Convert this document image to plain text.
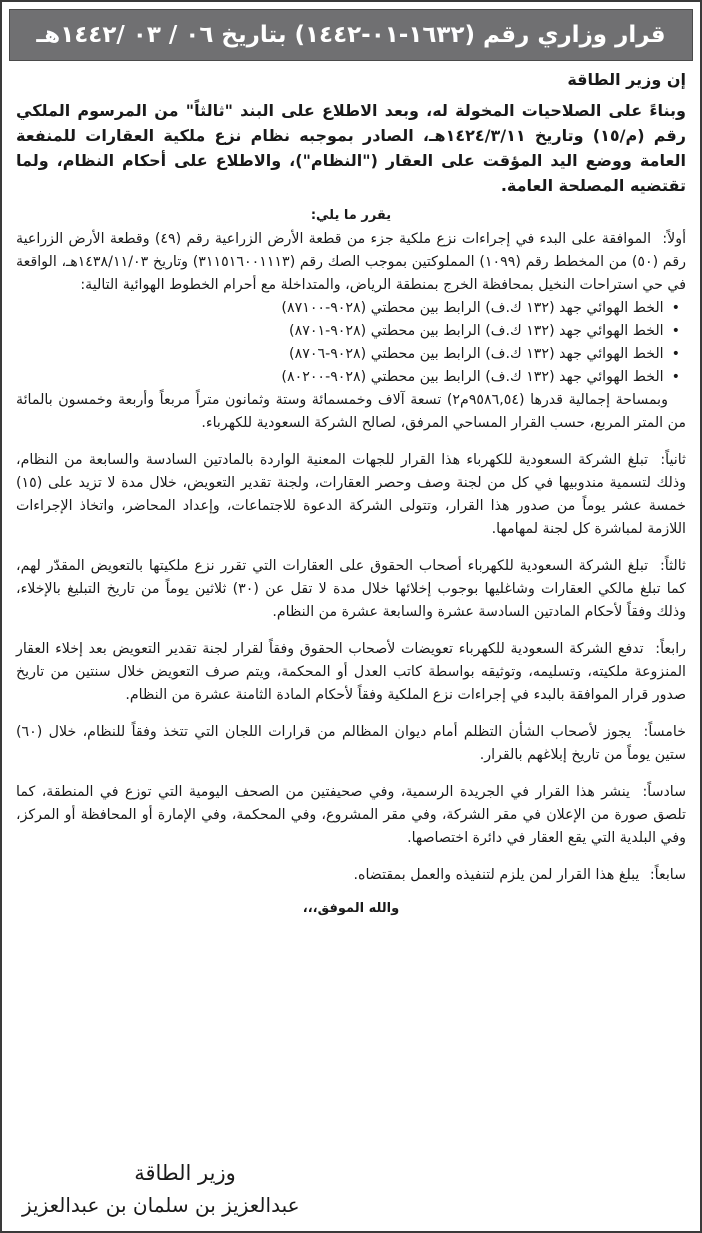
قرار وزاري رقم (١٦٣٢-٠١-١٤٤٢) بتاريخ ٠٦ / ٠٣ /١٤٤٢هـ
إن وزير الطاقة

وبناءً على الصلاحيات المخولة له، وبعد الاطلاع على البند "ثالثاً" من المرسوم الملكي رقم (م/١٥) وتاريخ ١٤٢٤/٣/١١هـ، الصادر بموجبه نظام نزع ملكية العقارات للمنفعة العامة ووضع اليد المؤقت على العقار ("النظام")، والاطلاع على أحكام النظام، ولما تقتضيه المصلحة العامة.

يقرر ما يلي:

أولاً: الموافقة على البدء في إجراءات نزع ملكية جزء من قطعة الأرض الزراعية رقم (٤٩) وقطعة الأرض الزراعية رقم (٥٠) من المخطط رقم (١٠٩٩) المملوكتين بموجب الصك رقم (٣١١٥١٦٠٠١١١٣) وتاريخ ١٤٣٨/١١/٠٣هـ، الواقعة في حي استراحات النخيل بمحافظة الخرج بمنطقة الرياض، والمتداخلة مع أحرام الخطوط الهوائية التالية:

• الخط الهوائي جهد (١٣٢ ك.ف) الرابط بين محطتي (٩٠٢٨-٨٧١٠٠)
• الخط الهوائي جهد (١٣٢ ك.ف) الرابط بين محطتي (٩٠٢٨-٨٧٠١)
• الخط الهوائي جهد (١٣٢ ك.ف) الرابط بين محطتي (٩٠٢٨-٨٧٠٦)
• الخط الهوائي جهد (١٣٢ ك.ف) الرابط بين محطتي (٩٠٢٨-٨٠٢٠٠)

وبمساحة إجمالية قدرها (٩٥٨٦,٥٤م٢) تسعة آلاف وخمسمائة وستة وثمانون متراً مربعاً وأربعة وخمسون بالمائة من المتر المربع، حسب القرار المساحي المرفق، لصالح الشركة السعودية للكهرباء.

ثانياً: تبلغ الشركة السعودية للكهرباء هذا القرار للجهات المعنية الواردة بالمادتين السادسة والسابعة من النظام، وذلك لتسمية مندوبيها في كل من لجنة وصف وحصر العقارات، ولجنة تقدير التعويض، خلال مدة لا تزيد على (١٥) خمسة عشر يوماً من صدور هذا القرار، وتتولى الشركة الدعوة للاجتماعات، وإعداد المحاضر، واتخاذ الإجراءات اللازمة لمباشرة كل لجنة لمهامها.

ثالثاً: تبلغ الشركة السعودية للكهرباء أصحاب الحقوق على العقارات التي تقرر نزع ملكيتها بالتعويض المقدّر لهم، كما تبلغ مالكي العقارات وشاغليها بوجوب إخلائها خلال مدة لا تقل عن (٣٠) ثلاثين يوماً من تاريخ التبليغ بالإخلاء، وذلك وفقاً لأحكام المادتين السادسة عشرة والسابعة عشرة من النظام.

رابعاً: تدفع الشركة السعودية للكهرباء تعويضات لأصحاب الحقوق وفقاً لقرار لجنة تقدير التعويض بعد إخلاء العقار المنزوعة ملكيته، وتسليمه، وتوثيقه بواسطة كاتب العدل أو المحكمة، ويتم صرف التعويض خلال سنتين من تاريخ صدور قرار الموافقة بالبدء في إجراءات نزع الملكية وفقاً لأحكام المادة الثامنة عشرة من النظام.

خامساً: يجوز لأصحاب الشأن التظلم أمام ديوان المظالم من قرارات اللجان التي تتخذ وفقاً للنظام، خلال (٦٠) ستين يوماً من تاريخ إبلاغهم بالقرار.

سادساً: ينشر هذا القرار في الجريدة الرسمية، وفي صحيفتين من الصحف اليومية التي توزع في المنطقة، كما تلصق صورة من الإعلان في مقر الشركة، وفي مقر المشروع، وفي المحكمة، وفي الإمارة أو المحافظة أو المركز، وفي البلدية التي يقع العقار في دائرة اختصاصها.

سابعاً: يبلغ هذا القرار لمن يلزم لتنفيذه والعمل بمقتضاه.

والله الموفق،،،
وزير الطاقة
عبدالعزيز بن سلمان بن عبدالعزيز
